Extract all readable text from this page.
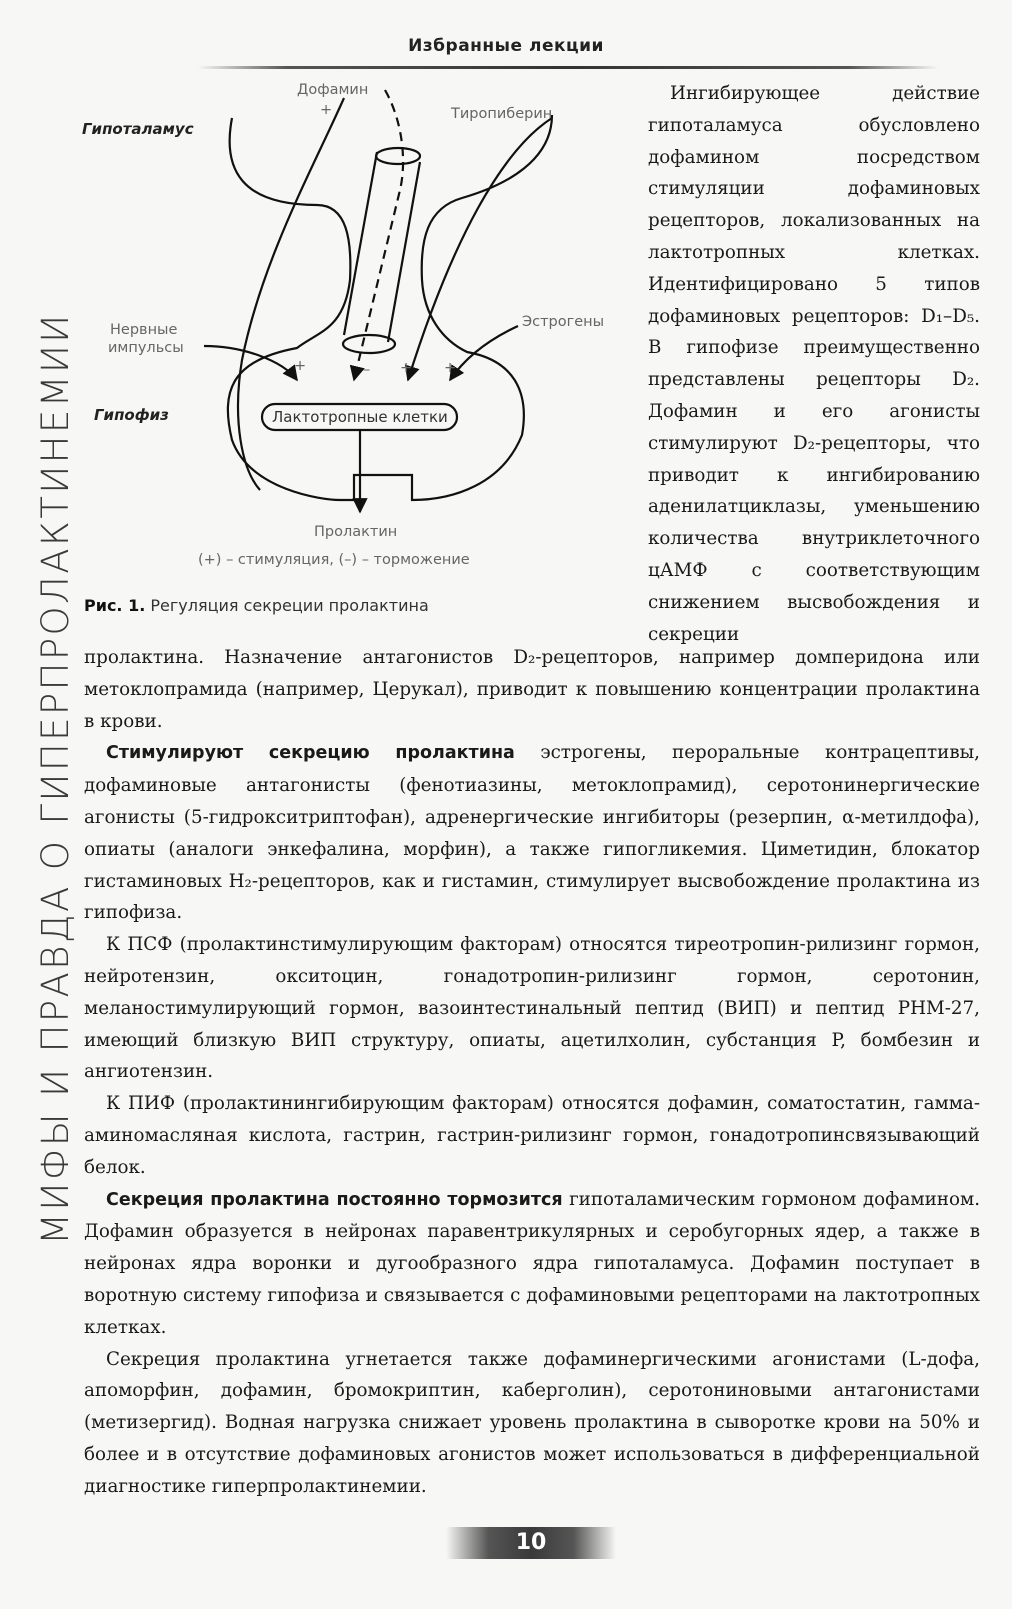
Избранные лекции
МИФЫ И ПРАВДА О ГИПЕРПРОЛАКТИНЕМИИ
Дофамин
+	Тиропиберин
Гипоталамус
Нервные
импульсы
Эстрогены
+	– + +
Гипофиз	Лактотропные клетки
Пролактин
(+) – стимуляция, (–) – торможение
Рис. 1. Регуляция секреции пролактина

Ингибирующее действие гипоталамуса обусловлено дофамином посредством стимуляции дофаминовых рецепторов, локализованных на лактотропных клетках. Идентифицировано 5 типов дофаминовых рецепторов: D₁–D₅. В гипофизе преимущественно представлены рецепторы D₂. Дофамин и его агонисты стимулируют D₂-рецепторы, что приводит к ингибированию аденилатциклазы, уменьшению количества внутриклеточного цАМФ с соответствующим снижением высвобождения и секреции

пролактина. Назначение антагонистов D₂-рецепторов, например домперидона или метоклопрамида (например, Церукал), приводит к повышению концентрации пролактина в крови.

Стимулируют секрецию пролактина эстрогены, пероральные контрацептивы, дофаминовые антагонисты (фенотиазины, метоклопрамид), серотонинергические агонисты (5-гидрокситриптофан), адренергические ингибиторы (резерпин, α-метилдофа), опиаты (аналоги энкефалина, морфин), а также гипогликемия. Циметидин, блокатор гистаминовых H₂-рецепторов, как и гистамин, стимулирует высвобождение пролактина из гипофиза.

К ПСФ (пролактинстимулирующим факторам) относятся тиреотропин-рилизинг гормон, нейротензин, окситоцин, гонадотропин-рилизинг гормон, серотонин, меланостимулирующий гормон, вазоинтестинальный пептид (ВИП) и пептид PHM-27, имеющий близкую ВИП структуру, опиаты, ацетилхолин, субстанция P, бомбезин и ангиотензин.

К ПИФ (пролактинингибирующим факторам) относятся дофамин, соматостатин, гамма-аминомасляная кислота, гастрин, гастрин-рилизинг гормон, гонадотропинсвязывающий белок.

Секреция пролактина постоянно тормозится гипоталамическим гормоном дофамином. Дофамин образуется в нейронах паравентрикулярных и серобугорных ядер, а также в нейронах ядра воронки и дугообразного ядра гипоталамуса. Дофамин поступает в воротную систему гипофиза и связывается с дофаминовыми рецепторами на лактотропных клетках.

Секреция пролактина угнетается также дофаминергическими агонистами (L-дофа, апоморфин, дофамин, бромокриптин, каберголин), серотониновыми антагонистами (метизергид). Водная нагрузка снижает уровень пролактина в сыворотке крови на 50% и более и в отсутствие дофаминовых агонистов может использоваться в дифференциальной диагностике гиперпролактинемии.

10
